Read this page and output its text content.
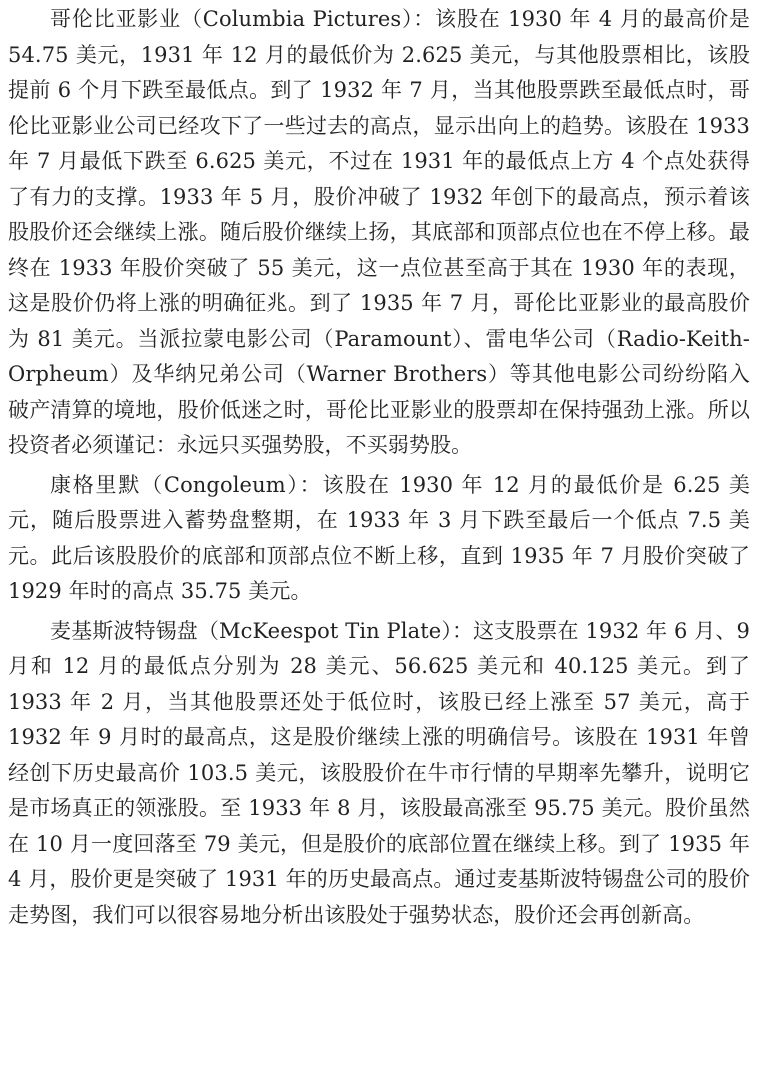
哥伦比亚影业（Columbia Pictures）：该股在 1930 年 4 月的最高价是 54.75 美元，1931 年 12 月的最低价为 2.625 美元，与其他股票相比，该股提前 6 个月下跌至最低点。到了 1932 年 7 月，当其他股票跌至最低点时，哥伦比亚影业公司已经攻下了一些过去的高点，显示出向上的趋势。该股在 1933 年 7 月最低下跌至 6.625 美元，不过在 1931 年的最低点上方 4 个点处获得了有力的支撑。1933 年 5 月，股价冲破了 1932 年创下的最高点，预示着该股股价还会继续上涨。随后股价继续上扬，其底部和顶部点位也在不停上移。最终在 1933 年股价突破了 55 美元，这一点位甚至高于其在 1930 年的表现，这是股价仍将上涨的明确征兆。到了 1935 年 7 月，哥伦比亚影业的最高股价为 81 美元。当派拉蒙电影公司（Paramount）、雷电华公司（Radio-Keith-Orpheum）及华纳兄弟公司（Warner Brothers）等其他电影公司纷纷陷入破产清算的境地，股价低迷之时，哥伦比亚影业的股票却在保持强劲上涨。所以投资者必须谨记：永远只买强势股，不买弱势股。

康格里默（Congoleum）：该股在 1930 年 12 月的最低价是 6.25 美元，随后股票进入蓄势盘整期，在 1933 年 3 月下跌至最后一个低点 7.5 美元。此后该股股价的底部和顶部点位不断上移，直到 1935 年 7 月股价突破了 1929 年时的高点 35.75 美元。

麦基斯波特锡盘（McKeespot Tin Plate）：这支股票在 1932 年 6 月、9 月和 12 月的最低点分别为 28 美元、56.625 美元和 40.125 美元。到了 1933 年 2 月，当其他股票还处于低位时，该股已经上涨至 57 美元，高于 1932 年 9 月时的最高点，这是股价继续上涨的明确信号。该股在 1931 年曾经创下历史最高价 103.5 美元，该股股价在牛市行情的早期率先攀升，说明它是市场真正的领涨股。至 1933 年 8 月，该股最高涨至 95.75 美元。股价虽然在 10 月一度回落至 79 美元，但是股价的底部位置在继续上移。到了 1935 年 4 月，股价更是突破了 1931 年的历史最高点。通过麦基斯波特锡盘公司的股价走势图，我们可以很容易地分析出该股处于强势状态，股价还会再创新高。
